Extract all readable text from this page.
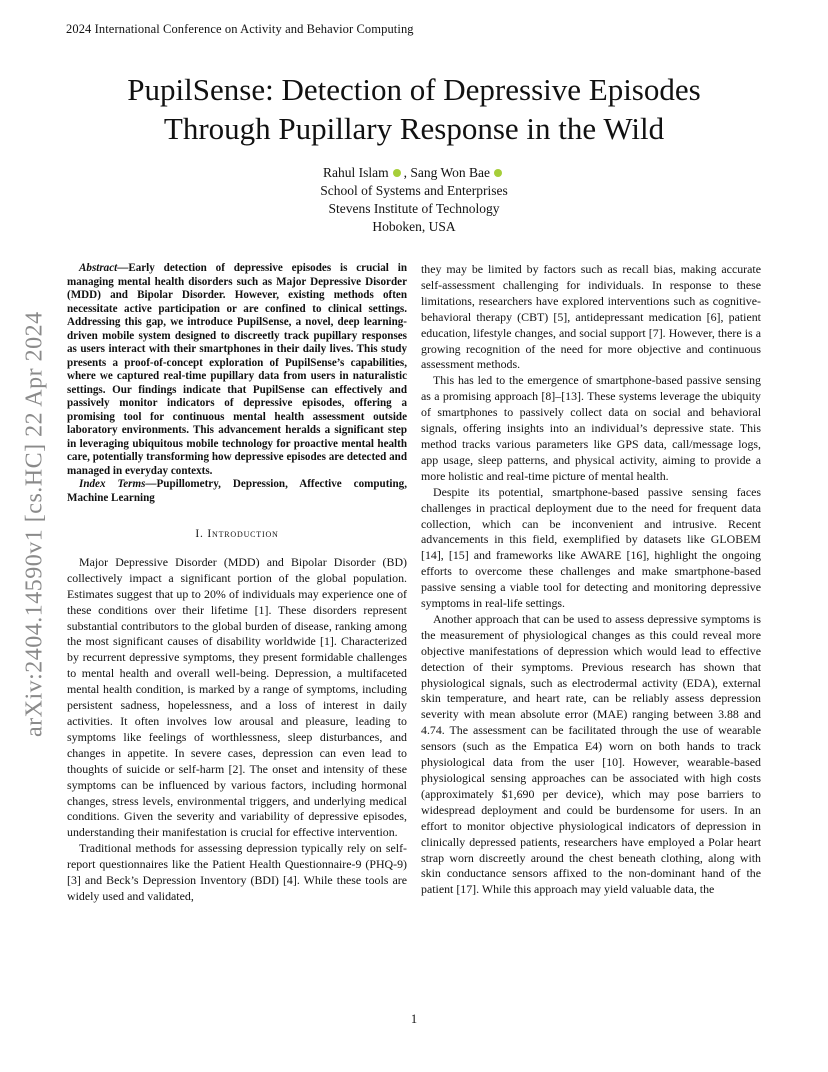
2024 International Conference on Activity and Behavior Computing
PupilSense: Detection of Depressive Episodes
Through Pupillary Response in the Wild
Rahul Islam , Sang Won Bae
School of Systems and Enterprises
Stevens Institute of Technology
Hoboken, USA
arXiv:2404.14590v1 [cs.HC] 22 Apr 2024

Abstract—Early detection of depressive episodes is crucial in managing mental health disorders such as Major Depressive Disorder (MDD) and Bipolar Disorder. However, existing methods often necessitate active participation or are confined to clinical settings. Addressing this gap, we introduce PupilSense, a novel, deep learning-driven mobile system designed to discreetly track pupillary responses as users interact with their smartphones in their daily lives. This study presents a proof-of-concept exploration of PupilSense’s capabilities, where we captured real-time pupillary data from users in naturalistic settings. Our findings indicate that PupilSense can effectively and passively monitor indicators of depressive episodes, offering a promising tool for continuous mental health assessment outside laboratory environments. This advancement heralds a significant step in leveraging ubiquitous mobile technology for proactive mental health care, potentially transforming how depressive episodes are detected and managed in everyday contexts.

Index Terms—Pupillometry, Depression, Affective computing, Machine Learning

I. Introduction

Major Depressive Disorder (MDD) and Bipolar Disorder (BD) collectively impact a significant portion of the global population. Estimates suggest that up to 20% of individuals may experience one of these conditions over their lifetime [1]. These disorders represent substantial contributors to the global burden of disease, ranking among the most significant causes of disability worldwide [1]. Characterized by recurrent depressive symptoms, they present formidable challenges to mental health and overall well-being. Depression, a multifaceted mental health condition, is marked by a range of symptoms, including persistent sadness, hopelessness, and a loss of interest in daily activities. It often involves low arousal and pleasure, leading to symptoms like feelings of worthlessness, sleep disturbances, and changes in appetite. In severe cases, depression can even lead to thoughts of suicide or self-harm [2]. The onset and intensity of these symptoms can be influenced by various factors, including hormonal changes, stress levels, environmental triggers, and underlying medical conditions. Given the severity and variability of depressive episodes, understanding their manifestation is crucial for effective intervention.

Traditional methods for assessing depression typically rely on self-report questionnaires like the Patient Health Questionnaire-9 (PHQ-9) [3] and Beck’s Depression Inventory (BDI) [4]. While these tools are widely used and validated,

they may be limited by factors such as recall bias, making accurate self-assessment challenging for individuals. In response to these limitations, researchers have explored interventions such as cognitive-behavioral therapy (CBT) [5], antidepressant medication [6], patient education, lifestyle changes, and social support [7]. However, there is a growing recognition of the need for more objective and continuous assessment methods.

This has led to the emergence of smartphone-based passive sensing as a promising approach [8]–[13]. These systems leverage the ubiquity of smartphones to passively collect data on social and behavioral signals, offering insights into an individual’s depressive state. This method tracks various parameters like GPS data, call/message logs, app usage, sleep patterns, and physical activity, aiming to provide a more holistic and real-time picture of mental health.

Despite its potential, smartphone-based passive sensing faces challenges in practical deployment due to the need for frequent data collection, which can be inconvenient and intrusive. Recent advancements in this field, exemplified by datasets like GLOBEM [14], [15] and frameworks like AWARE [16], highlight the ongoing efforts to overcome these challenges and make smartphone-based passive sensing a viable tool for detecting and monitoring depressive symptoms in real-life settings.

Another approach that can be used to assess depressive symptoms is the measurement of physiological changes as this could reveal more objective manifestations of depression which would lead to effective detection of their symptoms. Previous research has shown that physiological signals, such as electrodermal activity (EDA), external skin temperature, and heart rate, can be reliably assess depression severity with mean absolute error (MAE) ranging between 3.88 and 4.74. The assessment can be facilitated through the use of wearable sensors (such as the Empatica E4) worn on both hands to track physiological data from the user [10]. However, wearable-based physiological sensing approaches can be associated with high costs (approximately $1,690 per device), which may pose barriers to widespread deployment and could be burdensome for users. In an effort to monitor objective physiological indicators of depression in clinically depressed patients, researchers have employed a Polar heart strap worn discreetly around the chest beneath clothing, along with skin conductance sensors affixed to the non-dominant hand of the patient [17]. While this approach may yield valuable data, the

1
